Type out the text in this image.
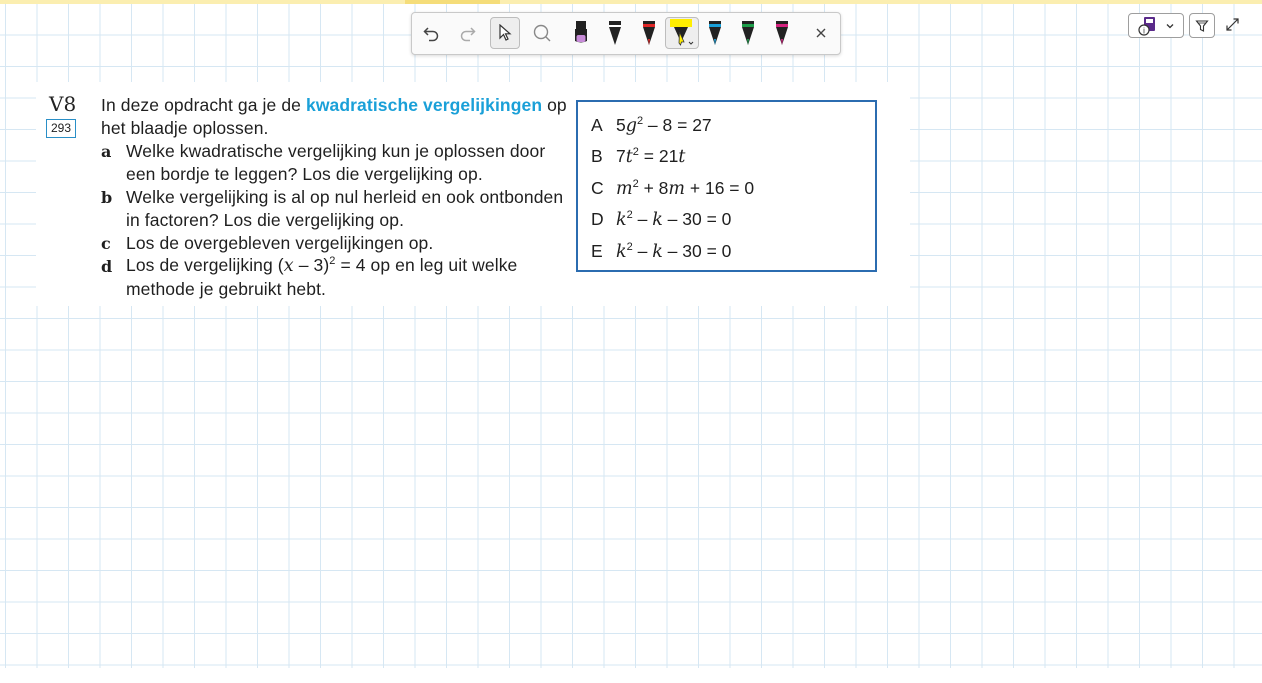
i
V8
293
In deze opdracht ga je de kwadratische vergelijkingen op
het blaadje oplossen.
a Welke kwadratische vergelijking kun je oplossen door
een bordje te leggen? Los die vergelijking op.
b Welke vergelijking is al op nul herleid en ook ontbonden
in factoren? Los die vergelijking op.
c Los de overgebleven vergelijkingen op.
d Los de vergelijking (x – 3)$^2$ = 4 op en leg uit welke
methode je gebruikt hebt.
A $5g^2 - 8 = 27$
B $7t^2 = 21t$
C $m^2 + 8m + 16 = 0$
D $k^2 - k - 30 = 0$
E $k^2 - k - 30 = 0$
